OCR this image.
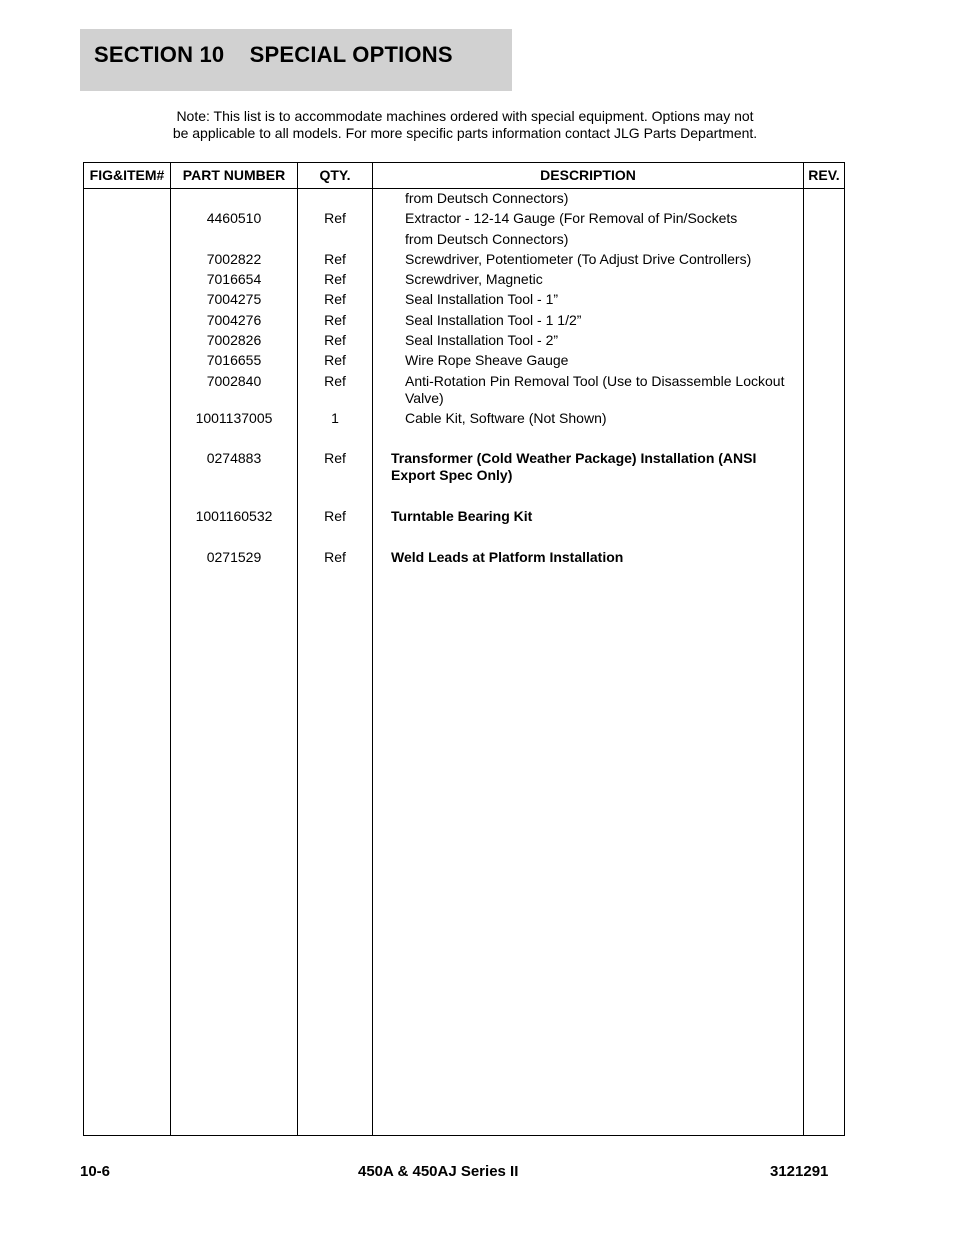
SECTION 10    SPECIAL OPTIONS
Note: This list is to accommodate machines ordered with special equipment. Options may not
be applicable to all models. For more specific parts information contact JLG Parts Department.
FIG&ITEM#	PART NUMBER	QTY.	DESCRIPTION	REV.
from Deutsch Connectors)
4460510	Ref	Extractor - 12-14 Gauge (For Removal of Pin/Sockets
from Deutsch Connectors)
7002822	Ref	Screwdriver, Potentiometer (To Adjust Drive Controllers)
7016654	Ref	Screwdriver, Magnetic
7004275	Ref	Seal Installation Tool - 1”
7004276	Ref	Seal Installation Tool - 1 1/2”
7002826	Ref	Seal Installation Tool - 2”
7016655	Ref	Wire Rope Sheave Gauge
7002840	Ref	Anti-Rotation Pin Removal Tool (Use to Disassemble Lockout Valve)
1001137005	1	Cable Kit, Software (Not Shown)
0274883	Ref	Transformer (Cold Weather Package) Installation (ANSI Export Spec Only)
1001160532	Ref	Turntable Bearing Kit
0271529	Ref	Weld Leads at Platform Installation
10-6	450A & 450AJ Series II	3121291
